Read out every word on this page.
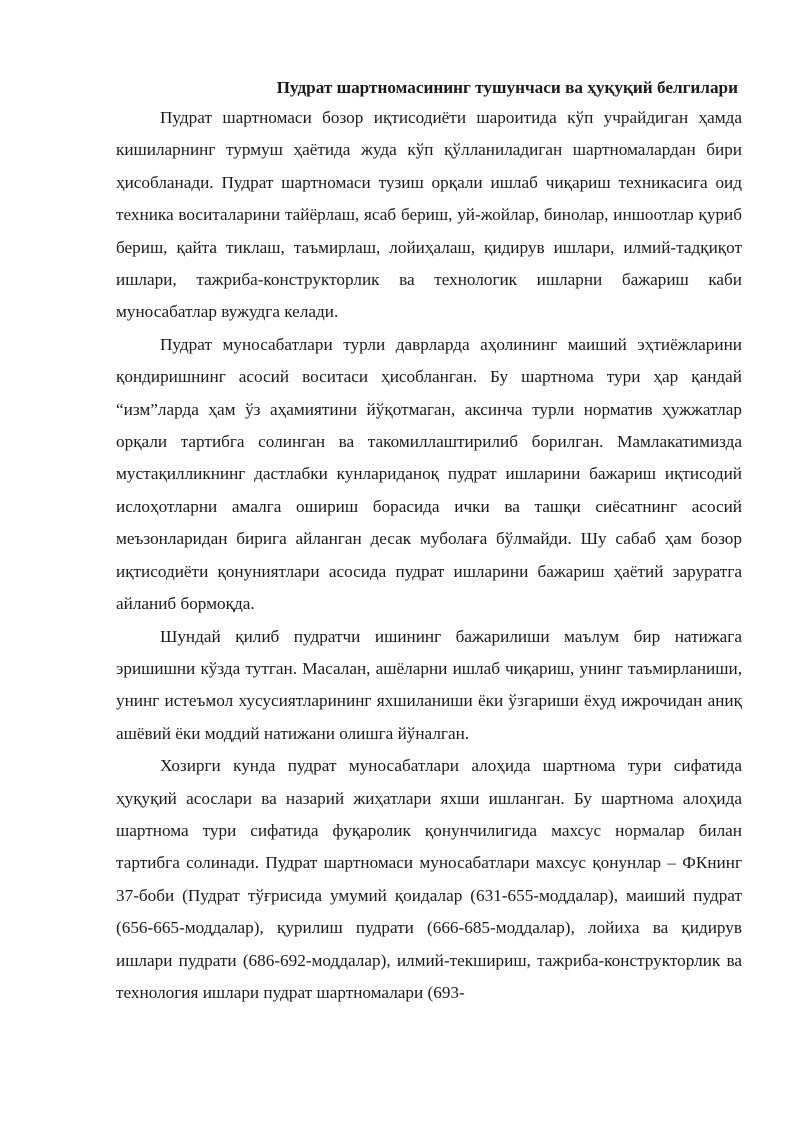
Пудрат шартномасининг тушунчаси ва ҳуқуқий белгилари

Пудрат шартномаси бозор иқтисодиёти шароитида кўп учрайдиган ҳамда кишиларнинг турмуш ҳаётида жуда кўп қўлланиладиган шартномалардан бири ҳисобланади. Пудрат шартномаси тузиш орқали ишлаб чиқариш техникасига оид техника воситаларини тайёрлаш, ясаб бериш, уй-жойлар, бинолар, иншоотлар қуриб бериш, қайта тиклаш, таъмирлаш, лойиҳалаш, қидирув ишлари, илмий-тадқиқот ишлари, тажриба-конструкторлик ва технологик ишларни бажариш каби муносабатлар вужудга келади.

Пудрат муносабатлари турли даврларда аҳолининг маиший эҳтиёжларини қондиришнинг асосий воситаси ҳисобланган. Бу шартнома тури ҳар қандай “изм”ларда ҳам ўз аҳамиятини йўқотмаган, аксинча турли норматив ҳужжатлар орқали тартибга солинган ва такомиллаштирилиб борилган. Мамлакатимизда мустақилликнинг дастлабки кунлариданоқ пудрат ишларини бажариш иқтисодий ислоҳотларни амалга ошириш борасида ички ва ташқи сиёсатнинг асосий меъзонларидан бирига айланган десак муболаға бўлмайди. Шу сабаб ҳам бозор иқтисодиёти қонуниятлари асосида пудрат ишларини бажариш ҳаётий заруратга айланиб бормоқда.

Шундай қилиб пудратчи ишининг бажарилиши маълум бир натижага эришишни кўзда тутган. Масалан, ашёларни ишлаб чиқариш, унинг таъмирланиши, унинг истеъмол хусусиятларининг яхшиланиши ёки ўзгариши ёхуд ижрочидан аниқ ашёвий ёки моддий натижани олишга йўналган.

Хозирги кунда пудрат муносабатлари алоҳида шартнома тури сифатида ҳуқуқий асослари ва назарий жиҳатлари яхши ишланган. Бу шартнома алоҳида шартнома тури сифатида фуқаролик қонунчилигида махсус нормалар билан тартибга солинади. Пудрат шартномаси муносабатлари махсус қонунлар – ФКнинг 37-боби (Пудрат тўғрисида умумий қоидалар (631-655-моддалар), маиший пудрат (656-665-моддалар), қурилиш пудрати (666-685-моддалар), лойиха ва қидирув ишлари пудрати (686-692-моддалар), илмий-текшириш, тажриба-конструкторлик ва технология ишлари пудрат шартномалари (693-
